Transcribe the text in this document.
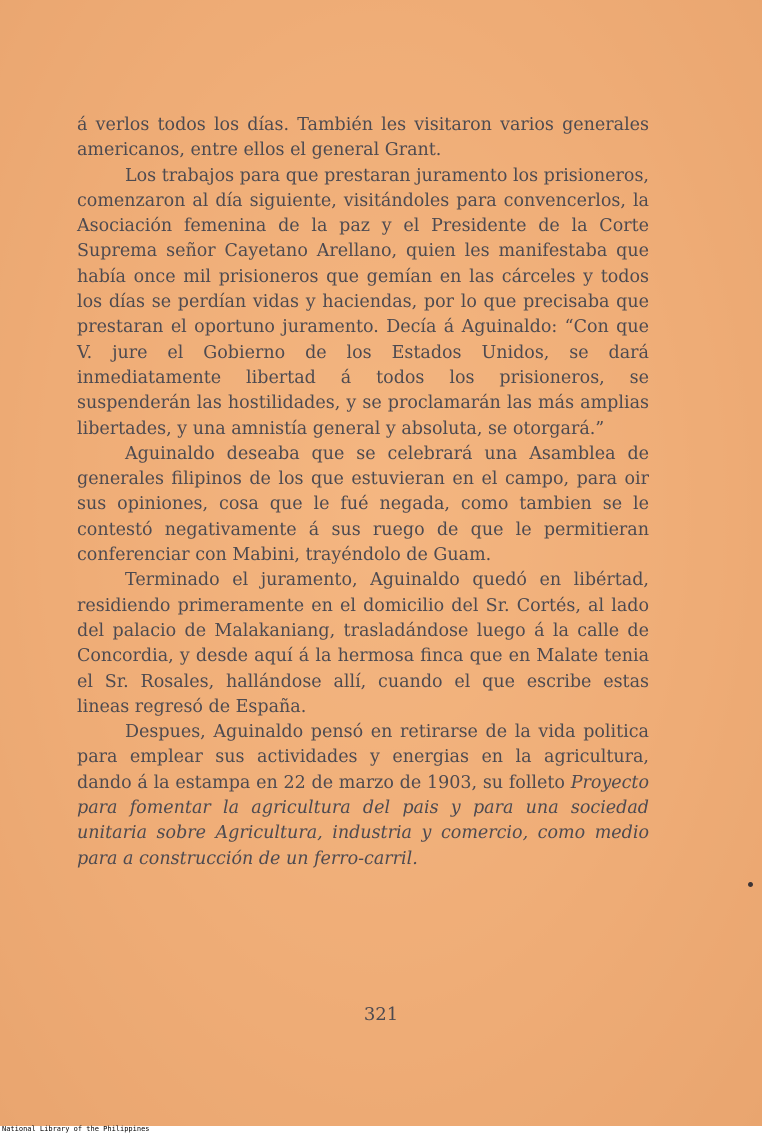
á verlos todos los días. También les visitaron varios generales americanos, entre ellos el general Grant.

Los trabajos para que prestaran juramento los prisioneros, comenzaron al día siguiente, visitándoles para convencerlos, la Asociación femenina de la paz y el Presidente de la Corte Suprema señor Cayetano Arellano, quien les manifestaba que había once mil prisioneros que gemían en las cárceles y todos los días se perdían vidas y haciendas, por lo que precisaba que prestaran el oportuno juramento. Decía á Aguinaldo: “Con que V. jure el Gobierno de los Estados Unidos, se dará inmediatamente libertad á todos los prisioneros, se suspenderán las hostilidades, y se proclamarán las más amplias libertades, y una amnistía general y absoluta, se otorgará.”

Aguinaldo deseaba que se celebrará una Asamblea de generales filipinos de los que estuvieran en el campo, para oir sus opiniones, cosa que le fué negada, como tambien se le contestó negativamente á sus ruego de que le permitieran conferenciar con Mabini, trayéndolo de Guam.

Terminado el juramento, Aguinaldo quedó en libértad, residiendo primeramente en el domicilio del Sr. Cortés, al lado del palacio de Malakaniang, trasladándose luego á la calle de Concordia, y desde aquí á la hermosa finca que en Malate tenia el Sr. Rosales, hallándose allí, cuando el que escribe estas lineas regresó de España.

Despues, Aguinaldo pensó en retirarse de la vida politica para emplear sus actividades y energias en la agricultura, dando á la estampa en 22 de marzo de 1903, su folleto Proyecto para fomentar la agricultura del pais y para una sociedad unitaria sobre Agricultura, industria y comercio, como medio para a construcción de un ferro-carril.

321
National Library of the Philippines
